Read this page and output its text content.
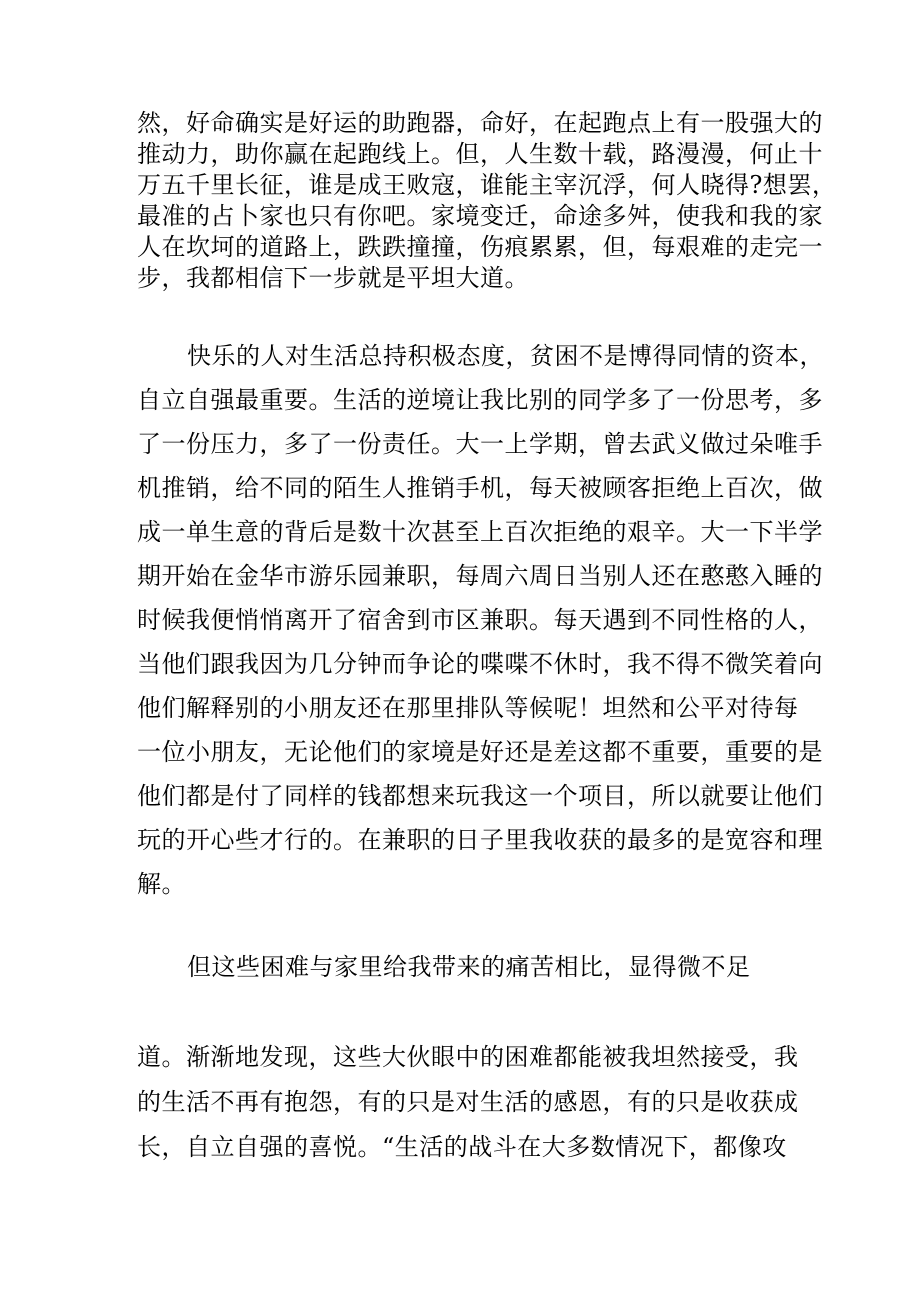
然，好命确实是好运的助跑器，命好，在起跑点上有一股强大的
推动力，助你赢在起跑线上。但，人生数十载，路漫漫，何止十
万五千里长征，谁是成王败寇，谁能主宰沉浮，何人晓得?想罢，
最准的占卜家也只有你吧。家境变迁，命途多舛，使我和我的家
人在坎坷的道路上，跌跌撞撞，伤痕累累，但，每艰难的走完一
步，我都相信下一步就是平坦大道。
快乐的人对生活总持积极态度，贫困不是博得同情的资本，
自立自强最重要。生活的逆境让我比别的同学多了一份思考，多
了一份压力，多了一份责任。大一上学期，曾去武义做过朵唯手
机推销，给不同的陌生人推销手机，每天被顾客拒绝上百次，做
成一单生意的背后是数十次甚至上百次拒绝的艰辛。大一下半学
期开始在金华市游乐园兼职，每周六周日当别人还在憨憨入睡的
时候我便悄悄离开了宿舍到市区兼职。每天遇到不同性格的人，
当他们跟我因为几分钟而争论的喋喋不休时，我不得不微笑着向
他们解释别的小朋友还在那里排队等候呢！坦然和公平对待每
一位小朋友，无论他们的家境是好还是差这都不重要，重要的是
他们都是付了同样的钱都想来玩我这一个项目，所以就要让他们
玩的开心些才行的。在兼职的日子里我收获的最多的是宽容和理
解。
但这些困难与家里给我带来的痛苦相比，显得微不足
道。渐渐地发现，这些大伙眼中的困难都能被我坦然接受，我
的生活不再有抱怨，有的只是对生活的感恩，有的只是收获成
长，自立自强的喜悦。“生活的战斗在大多数情况下，都像攻
